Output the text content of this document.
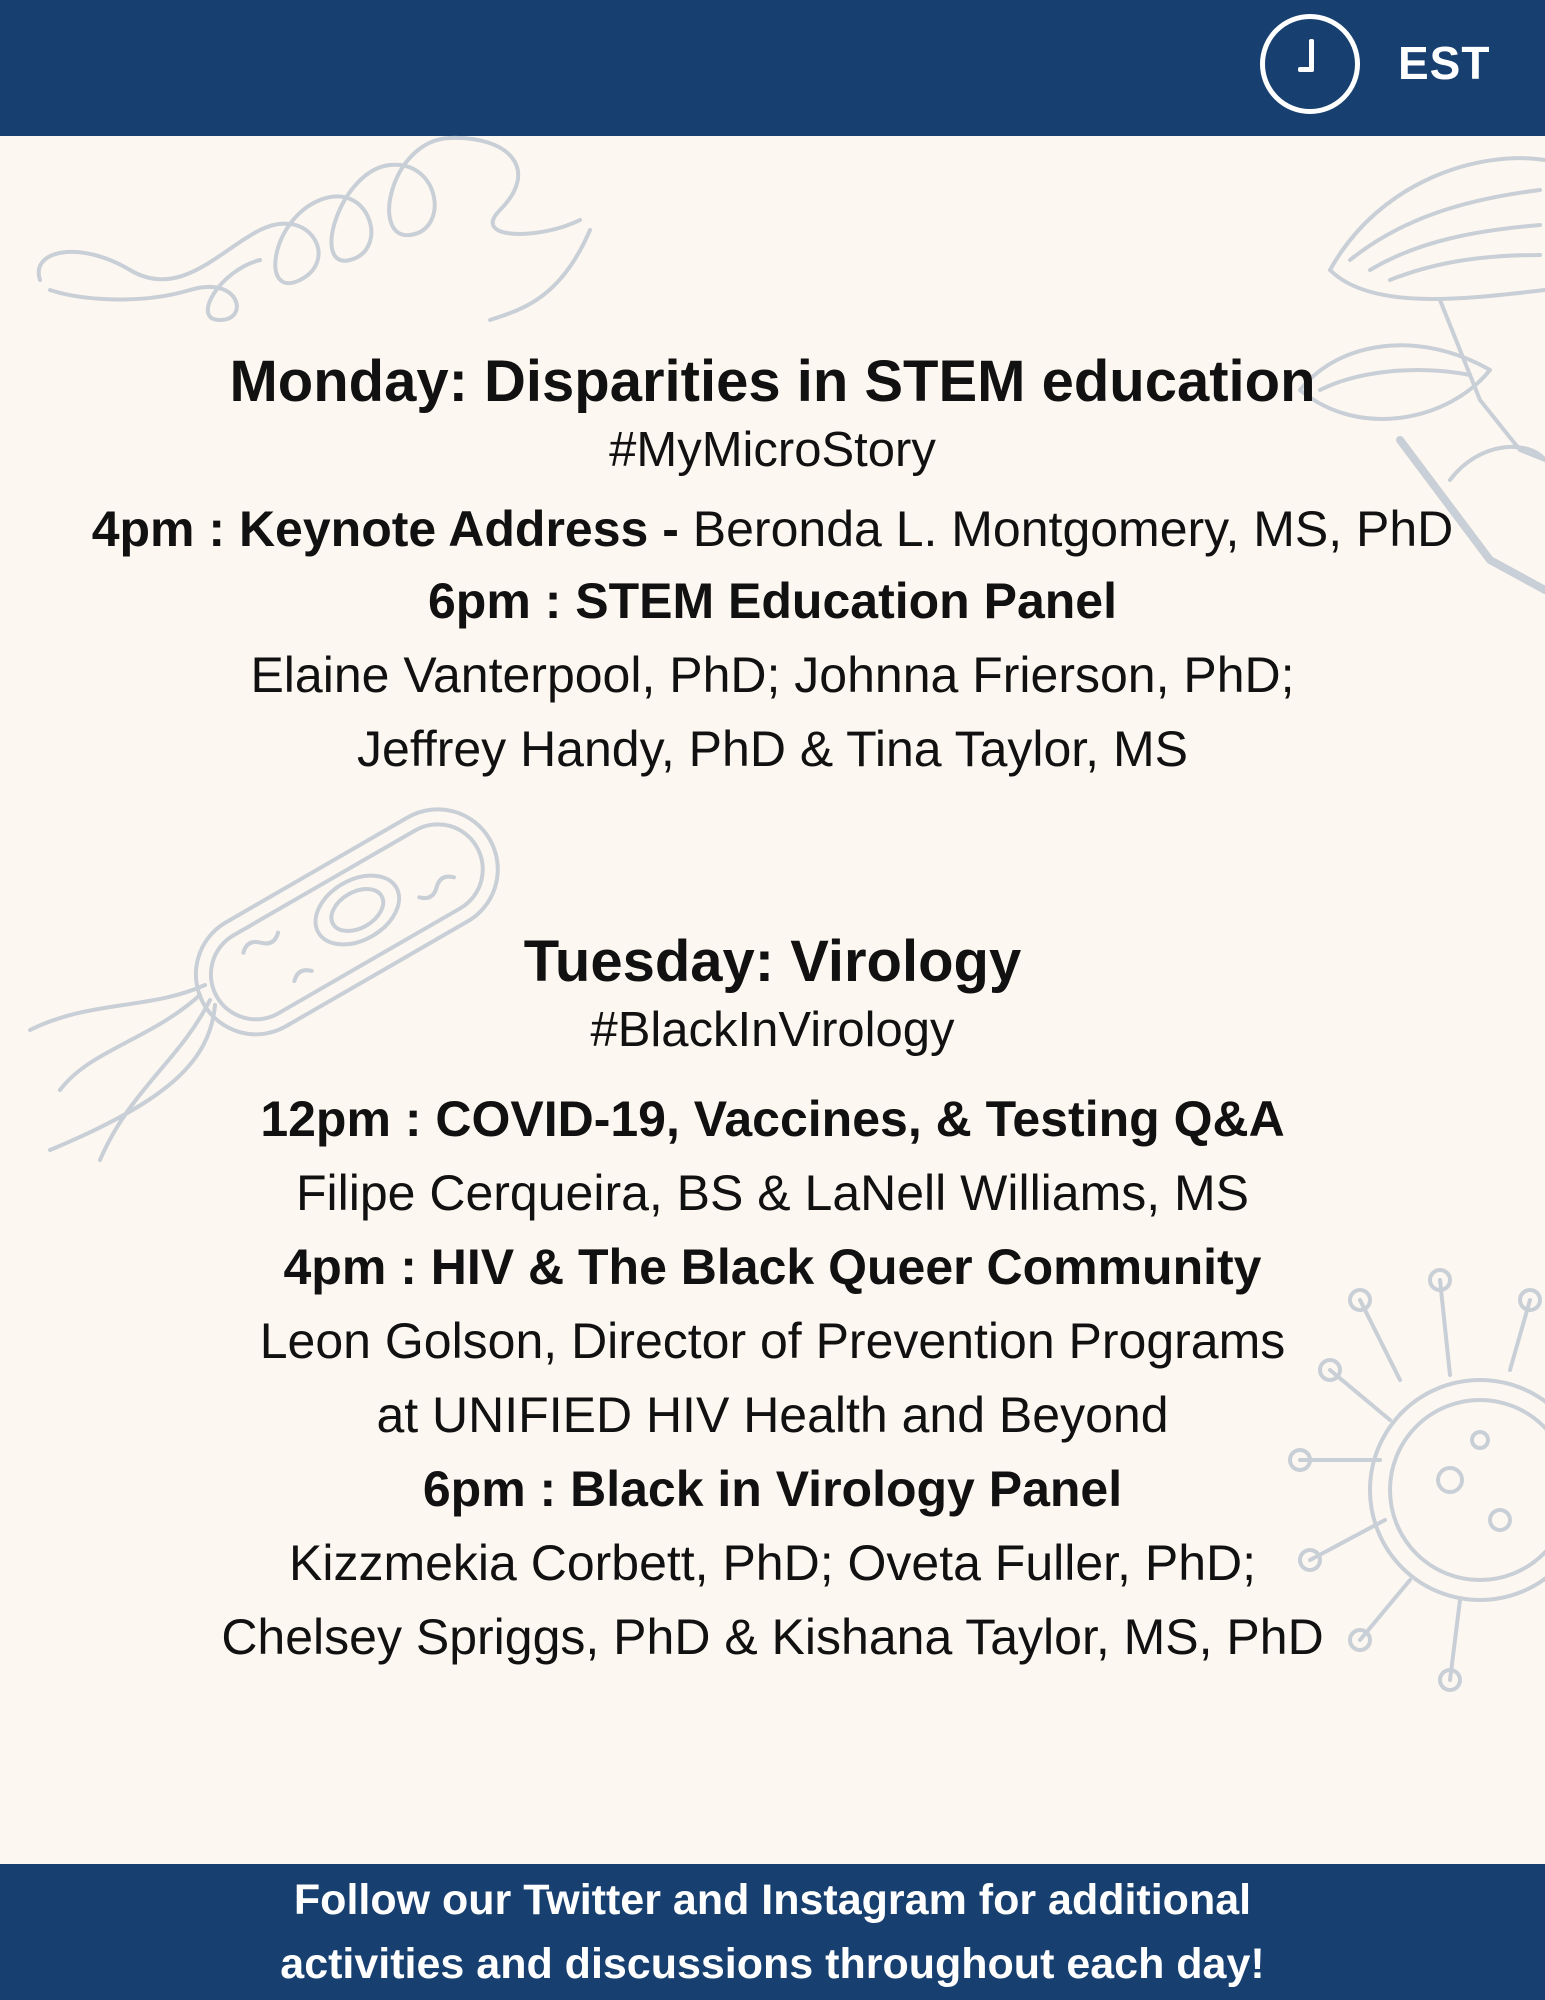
EST
Monday: Disparities in STEM education
#MyMicroStory
4pm : Keynote Address - Beronda L. Montgomery, MS, PhD
6pm : STEM Education Panel
Elaine Vanterpool, PhD; Johnna Frierson, PhD;
Jeffrey Handy, PhD & Tina Taylor, MS
Tuesday: Virology
#BlackInVirology
12pm : COVID-19, Vaccines, & Testing Q&A
Filipe Cerqueira, BS & LaNell Williams, MS
4pm : HIV & The Black Queer Community
Leon Golson, Director of Prevention Programs
at UNIFIED HIV Health and Beyond
6pm : Black in Virology Panel
Kizzmekia Corbett, PhD; Oveta Fuller, PhD;
Chelsey Spriggs, PhD & Kishana Taylor, MS, PhD
Follow our Twitter and Instagram for additional
activities and discussions throughout each day!
